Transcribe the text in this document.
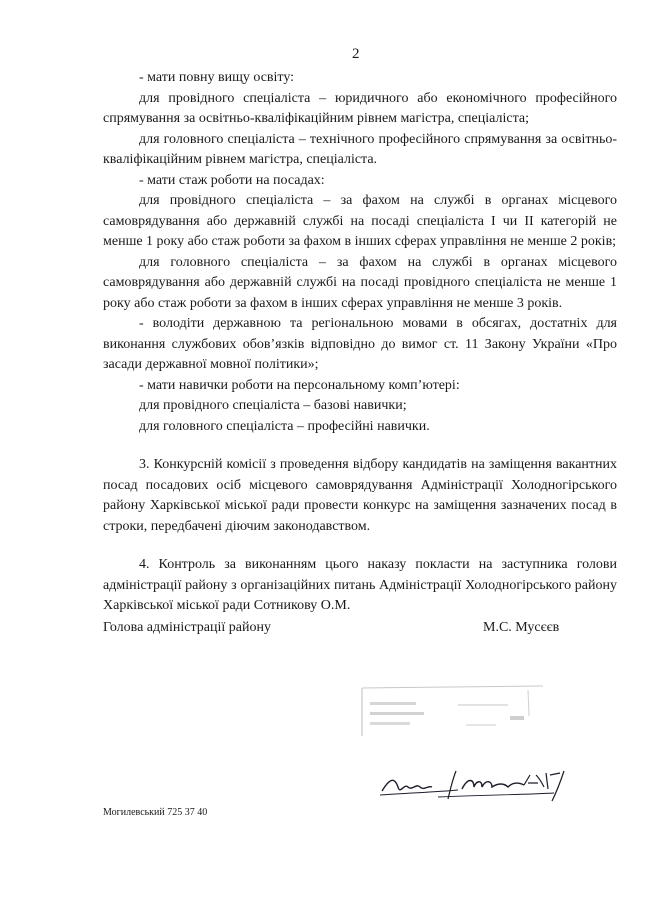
2

- мати повну вищу освіту:

для провідного спеціаліста – юридичного або економічного професійного спрямування за освітньо-кваліфікаційним рівнем магістра, спеціаліста;

для головного спеціаліста – технічного професійного спрямування за освітньо-кваліфікаційним рівнем магістра, спеціаліста.

- мати стаж роботи на посадах:

для провідного спеціаліста – за фахом на службі в органах місцевого самоврядування або державній службі на посаді спеціаліста І чи ІІ категорій не менше 1 року або стаж роботи за фахом в інших сферах управління не менше 2 років;

для головного спеціаліста – за фахом на службі в органах місцевого самоврядування або державній службі на посаді провідного спеціаліста не менше 1 року або стаж роботи за фахом в інших сферах управління не менше 3 років.

- володіти державною та регіональною мовами в обсягах, достатніх для виконання службових обов’язків відповідно до вимог ст. 11 Закону України «Про засади державної мовної політики»;

- мати навички роботи на персональному комп’ютері:

для провідного спеціаліста – базові навички;

для головного спеціаліста – професійні навички.

3. Конкурсній комісії з проведення відбору кандидатів на заміщення вакантних посад посадових осіб місцевого самоврядування Адміністрації Холодногірського району Харківської міської ради провести конкурс на заміщення зазначених посад в строки, передбачені діючим законодавством.

4. Контроль за виконанням цього наказу покласти на заступника голови адміністрації району з організаційних питань Адміністрації Холодногірського району Харківської міської ради Сотникову О.М.

Голова адміністрації району	М.С. Мусєєв
Могилевський 725 37 40
